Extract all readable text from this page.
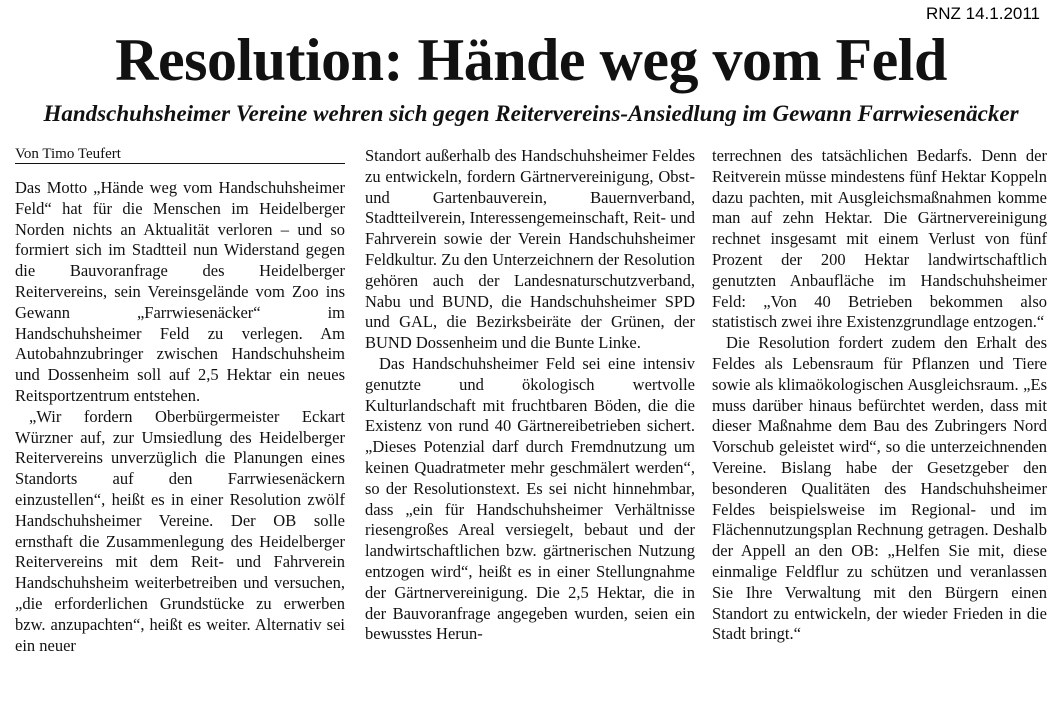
RNZ 14.1.2011
Resolution: Hände weg vom Feld
Handschuhsheimer Vereine wehren sich gegen Reitervereins-Ansiedlung im Gewann Farrwiesenäcker
Von Timo Teufert

Das Motto „Hände weg vom Handschuhsheimer Feld“ hat für die Menschen im Heidelberger Norden nichts an Aktualität verloren – und so formiert sich im Stadtteil nun Widerstand gegen die Bauvoranfrage des Heidelberger Reitervereins, sein Vereinsgelände vom Zoo ins Gewann „Farrwiesenäcker“ im Handschuhsheimer Feld zu verlegen. Am Autobahnzubringer zwischen Handschuhsheim und Dossenheim soll auf 2,5 Hektar ein neues Reitsportzentrum entstehen.

„Wir fordern Oberbürgermeister Eckart Würzner auf, zur Umsiedlung des Heidelberger Reitervereins unverzüglich die Planungen eines Standorts auf den Farrwiesenäckern einzustellen“, heißt es in einer Resolution zwölf Handschuhsheimer Vereine. Der OB solle ernsthaft die Zusammenlegung des Heidelberger Reitervereins mit dem Reit- und Fahrverein Handschuhsheim weiterbetreiben und versuchen, „die erforderlichen Grundstücke zu erwerben bzw. anzupachten“, heißt es weiter. Alternativ sei ein neuer

Standort außerhalb des Handschuhsheimer Feldes zu entwickeln, fordern Gärtnervereinigung, Obst- und Gartenbauverein, Bauernverband, Stadtteilverein, Interessengemeinschaft, Reit- und Fahrverein sowie der Verein Handschuhsheimer Feldkultur. Zu den Unterzeichnern der Resolution gehören auch der Landesnaturschutzverband, Nabu und BUND, die Handschuhsheimer SPD und GAL, die Bezirksbeiräte der Grünen, der BUND Dossenheim und die Bunte Linke.

Das Handschuhsheimer Feld sei eine intensiv genutzte und ökologisch wertvolle Kulturlandschaft mit fruchtbaren Böden, die die Existenz von rund 40 Gärtnereibetrieben sichert. „Dieses Potenzial darf durch Fremdnutzung um keinen Quadratmeter mehr geschmälert werden“, so der Resolutionstext. Es sei nicht hinnehmbar, dass „ein für Handschuhsheimer Verhältnisse riesengroßes Areal versiegelt, bebaut und der landwirtschaftlichen bzw. gärtnerischen Nutzung entzogen wird“, heißt es in einer Stellungnahme der Gärtnervereinigung. Die 2,5 Hektar, die in der Bauvoranfrage angegeben wurden, seien ein bewusstes Herun-

terrechnen des tatsächlichen Bedarfs. Denn der Reitverein müsse mindestens fünf Hektar Koppeln dazu pachten, mit Ausgleichsmaßnahmen komme man auf zehn Hektar. Die Gärtnervereinigung rechnet insgesamt mit einem Verlust von fünf Prozent der 200 Hektar landwirtschaftlich genutzten Anbaufläche im Handschuhsheimer Feld: „Von 40 Betrieben bekommen also statistisch zwei ihre Existenzgrundlage entzogen.“

Die Resolution fordert zudem den Erhalt des Feldes als Lebensraum für Pflanzen und Tiere sowie als klimaökologischen Ausgleichsraum. „Es muss darüber hinaus befürchtet werden, dass mit dieser Maßnahme dem Bau des Zubringers Nord Vorschub geleistet wird“, so die unterzeichnenden Vereine. Bislang habe der Gesetzgeber den besonderen Qualitäten des Handschuhsheimer Feldes beispielsweise im Regional- und im Flächennutzungsplan Rechnung getragen. Deshalb der Appell an den OB: „Helfen Sie mit, diese einmalige Feldflur zu schützen und veranlassen Sie Ihre Verwaltung mit den Bürgern einen Standort zu entwickeln, der wieder Frieden in die Stadt bringt.“
